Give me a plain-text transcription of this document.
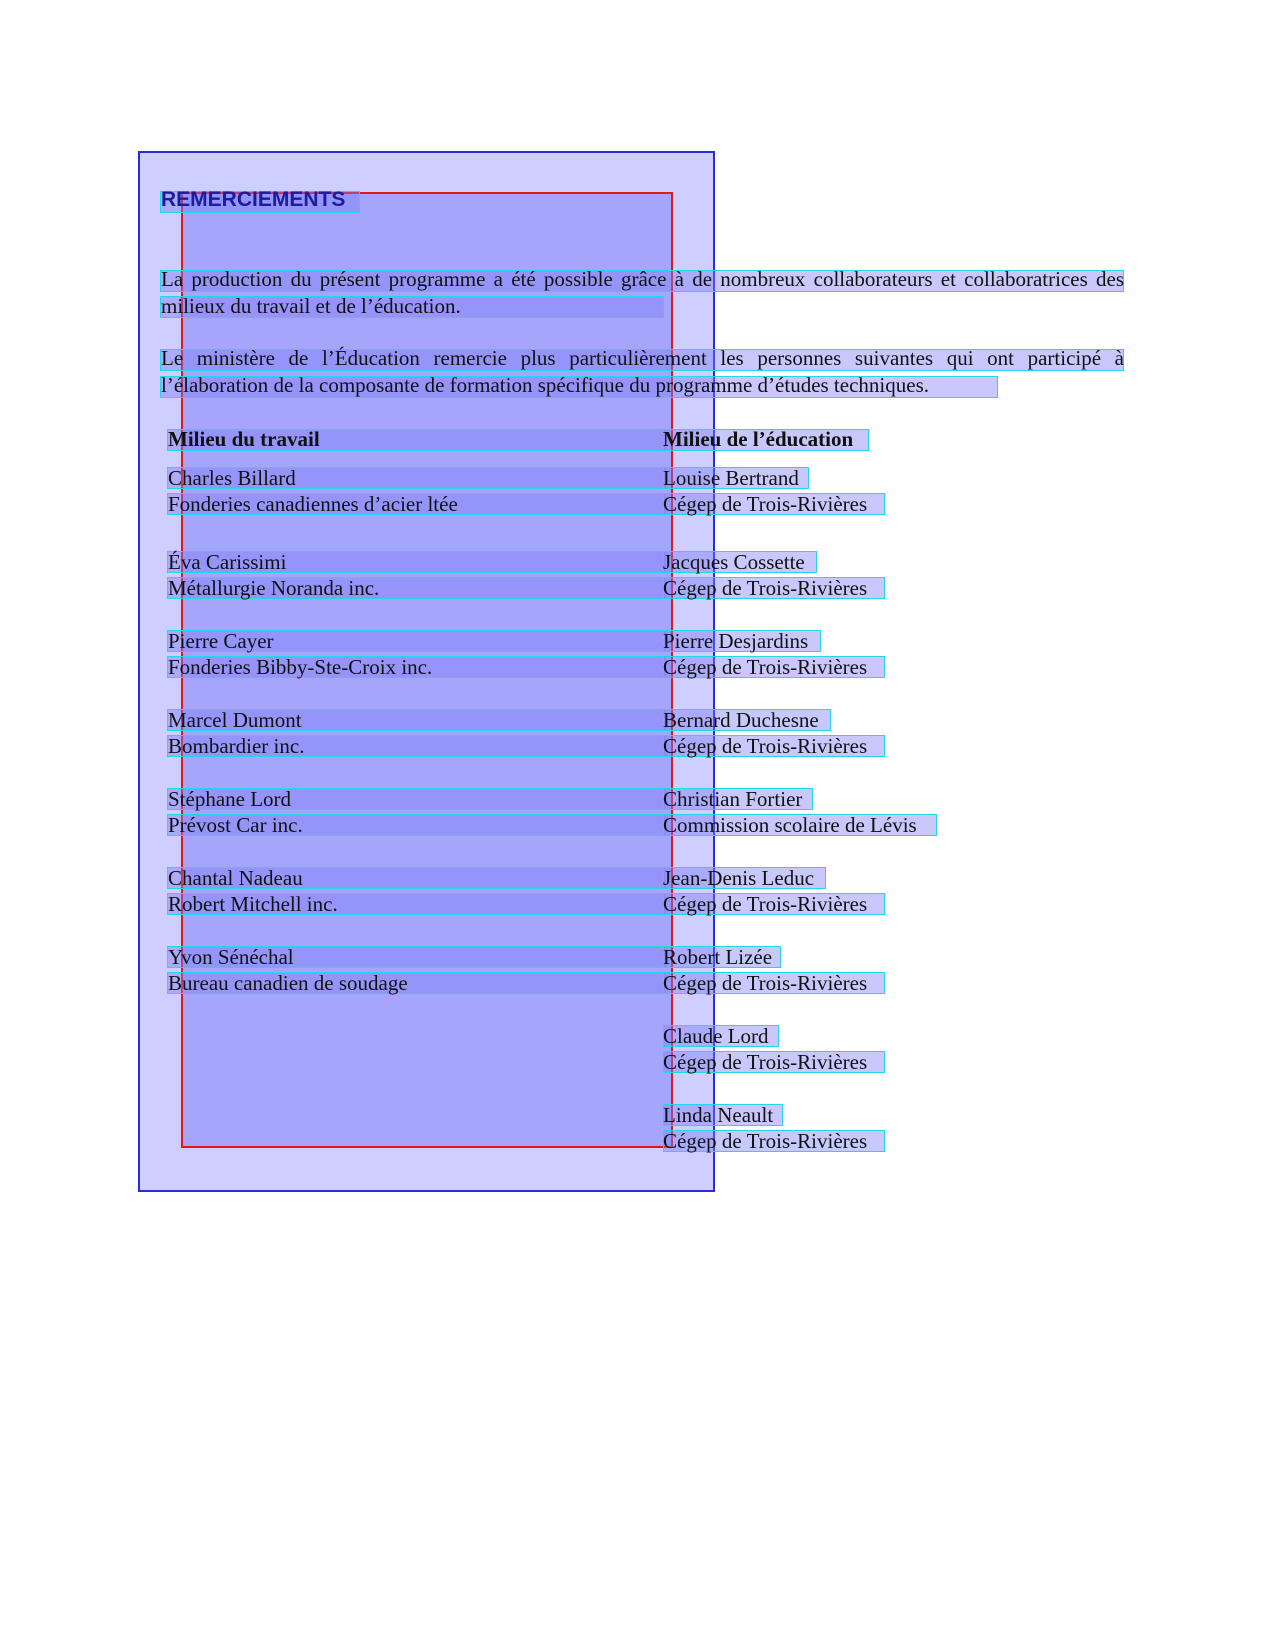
REMERCIEMENTS

La production du présent programme a été possible grâce à de nombreux collaborateurs et collaboratrices des milieux du travail et de l’éducation.

Le ministère de l’Éducation remercie plus particulièrement les personnes suivantes qui ont participé à l’élaboration de la composante de formation spécifique du programme d’études techniques.

Milieu du travail	Milieu de l’éducation
Charles Billard
Fonderies canadiennes d’acier ltée
Éva Carissimi
Métallurgie Noranda inc.
Pierre Cayer
Fonderies Bibby-Ste-Croix inc.
Marcel Dumont
Bombardier inc.
Stéphane Lord
Prévost Car inc.
Chantal Nadeau
Robert Mitchell inc.
Yvon Sénéchal
Bureau canadien de soudage
Louise Bertrand
Cégep de Trois-Rivières
Jacques Cossette
Cégep de Trois-Rivières
Pierre Desjardins
Cégep de Trois-Rivières
Bernard Duchesne
Cégep de Trois-Rivières
Christian Fortier
Commission scolaire de Lévis
Jean-Denis Leduc
Cégep de Trois-Rivières
Robert Lizée
Cégep de Trois-Rivières
Claude Lord
Cégep de Trois-Rivières
Linda Neault
Cégep de Trois-Rivières
